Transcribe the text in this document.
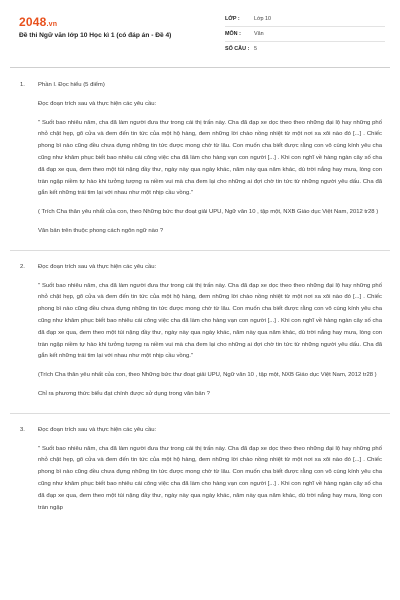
2048.vn
Đề thi Ngữ văn lớp 10 Học kì 1 (có đáp án - Đề 4)
LỚP :	Lớp 10
MÔN :	Văn
SỐ CÂU : 5
1. Phần I. Đọc hiểu (5 điểm)

Đọc đoạn trích sau và thực hiện các yêu cầu:

" Suốt bao nhiêu năm, cha đã làm người đưa thư trong cái thị trấn này. Cha đã đạp xe dọc theo theo những đại lộ hay những phố nhỏ chật hẹp, gõ cửa và đem đến tin tức của một hộ hàng, đem những lời chào nồng nhiệt từ một nơi xa xôi nào đó [...] . Chiếc phong bì nào cũng đều chưa đựng những tin tức được mong chờ từ lâu. Con muốn cha biết được rằng con vô cùng kính yêu cha cũng như khâm phục biết bao nhiêu cái công việc cha đã làm cho hàng vạn con người [...] . Khi con nghĩ về hàng ngàn cây số cha đã đạp xe qua, đem theo một túi nặng đầy thư, ngày này qua ngày khác, năm này qua năm khác, dù trời nắng hay mưa, lòng con tràn ngập niềm tự hào khi tưởng tượng ra niềm vui mà cha đem lại cho những ai đợi chờ tin tức từ những người yêu dấu. Cha đã gắn kết những trái tim lại với nhau như một nhịp cầu vồng."

( Trích Cha thân yêu nhất của con, theo Những bức thư đoạt giải UPU, Ngữ văn 10 , tập một, NXB Giáo dục Việt Nam, 2012 tr28 )

Văn bản trên thuộc phong cách ngôn ngữ nào ?

2. Đọc đoạn trích sau và thực hiện các yêu cầu:

" Suốt bao nhiêu năm, cha đã làm người đưa thư trong cái thị trấn này. Cha đã đạp xe dọc theo theo những đại lộ hay những phố nhỏ chật hẹp, gõ cửa và đem đến tin tức của một hộ hàng, đem những lời chào nồng nhiệt từ một nơi xa xôi nào đó [...] . Chiếc phong bì nào cũng đều chưa đựng những tin tức được mong chờ từ lâu. Con muốn cha biết được rằng con vô cùng kính yêu cha cũng như khâm phục biết bao nhiêu cái công việc cha đã làm cho hàng vạn con người [...] . Khi con nghĩ về hàng ngàn cây số cha đã đạp xe qua, đem theo một túi nặng đầy thư, ngày này qua ngày khác, năm này qua năm khác, dù trời nắng hay mưa, lòng con tràn ngập niềm tự hào khi tưởng tượng ra niềm vui mà cha đem lại cho những ai đợi chờ tin tức từ những người yêu dấu. Cha đã gắn kết những trái tim lại với nhau như một nhịp cầu vồng."

(Trích Cha thân yêu nhất của con, theo Những bức thư đoạt giải UPU, Ngữ văn 10 , tập một, NXB Giáo dục Việt Nam, 2012 tr28 )

Chỉ ra phương thức biểu đạt chính được sử dụng trong văn bản ?

3. Đọc đoạn trích sau và thực hiện các yêu cầu:

" Suốt bao nhiêu năm, cha đã làm người đưa thư trong cái thị trấn này. Cha đã đạp xe dọc theo theo những đại lộ hay những phố nhỏ chật hẹp, gõ cửa và đem đến tin tức của một hộ hàng, đem những lời chào nồng nhiệt từ một nơi xa xôi nào đó [...] . Chiếc phong bì nào cũng đều chưa đựng những tin tức được mong chờ từ lâu. Con muốn cha biết được rằng con vô cùng kính yêu cha cũng như khâm phục biết bao nhiêu cái công việc cha đã làm cho hàng vạn con người [...] . Khi con nghĩ về hàng ngàn cây số cha đã đạp xe qua, đem theo một túi nặng đầy thư, ngày này qua ngày khác, năm này qua năm khác, dù trời nắng hay mưa, lòng con tràn ngập
